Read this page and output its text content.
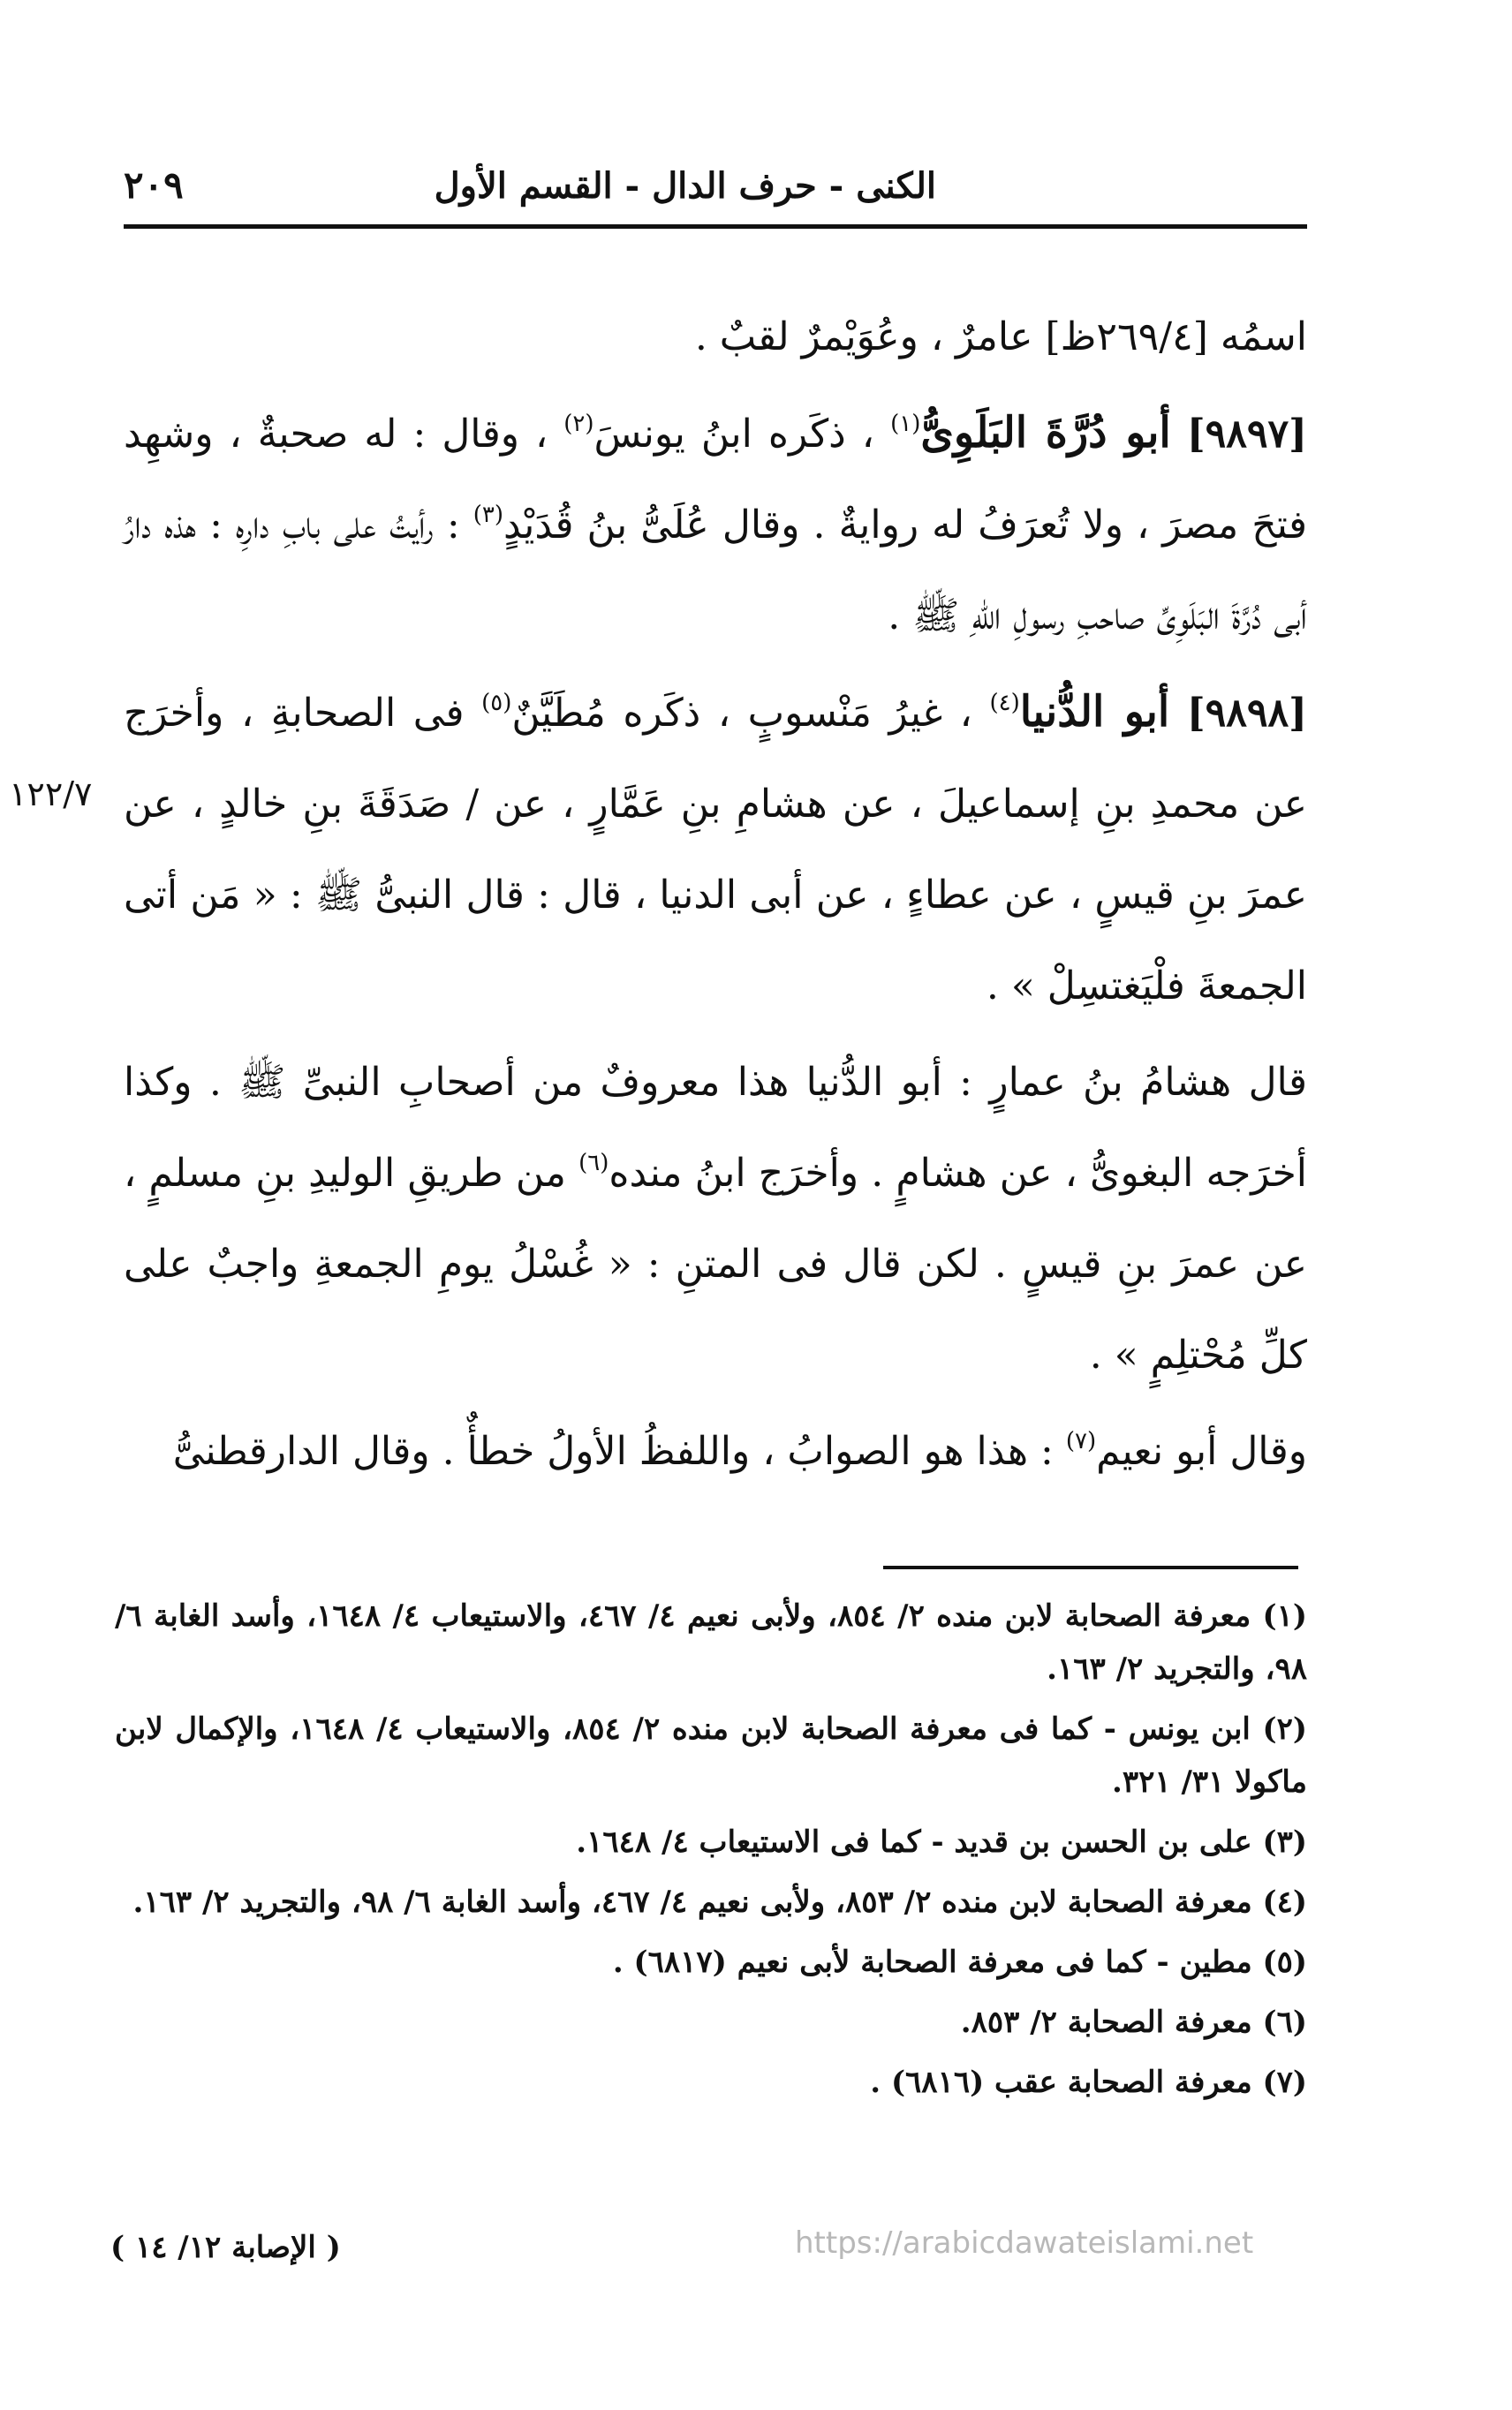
الكنى - حرف الدال - القسم الأول
٢٠٩

اسمُه [٢٦٩/٤ظ] عامرٌ ، وعُوَيْمرٌ لقبٌ .

[٩٨٩٧] أبو دُرَّةَ البَلَوِىُّ$^{(١)}$ ، ذكَره ابنُ يونسَ$^{(٢)}$ ، وقال : له صحبةٌ ، وشهِد فتحَ مصرَ ، ولا تُعرَفُ له روايةٌ . وقال عُلَىُّ بنُ قُدَيْدٍ$^{(٣)}$ : رأيتُ على بابِ دارِه : هذه دارُ أبى دُرَّةَ البَلَوِىِّ صاحبِ رسولِ اللهِ ﷺ .

[٩٨٩٨] أبو الدُّنيا$^{(٤)}$ ، غيرُ مَنْسوبٍ ، ذكَره مُطَيَّنٌ$^{(٥)}$ فى الصحابةِ ، وأخرَج عن محمدِ بنِ إسماعيلَ ، عن هشامِ بنِ عَمَّارٍ ، عن / صَدَقَةَ بنِ خالدٍ ، عن عمرَ بنِ قيسٍ ، عن عطاءٍ ، عن أبى الدنيا ، قال : قال النبىُّ ﷺ : « مَن أتى الجمعةَ فلْيَغتسِلْ » .

قال هشامُ بنُ عمارٍ : أبو الدُّنيا هذا معروفٌ من أصحابِ النبىِّ ﷺ . وكذا أخرَجه البغوىُّ ، عن هشامٍ . وأخرَج ابنُ منده$^{(٦)}$ من طريقِ الوليدِ بنِ مسلمٍ ، عن عمرَ بنِ قيسٍ . لكن قال فى المتنِ : « غُسْلُ يومِ الجمعةِ واجبٌ على كلِّ مُحْتلِمٍ » .

وقال أبو نعيم$^{(٧)}$ : هذا هو الصوابُ ، واللفظُ الأولُ خطأٌ . وقال الدارقطنىُّ

١٢٢/٧

(١) معرفة الصحابة لابن منده ٢/ ٨٥٤، ولأبى نعيم ٤/ ٤٦٧، والاستيعاب ٤/ ١٦٤٨، وأسد الغابة ٦/ ٩٨، والتجريد ٢/ ١٦٣.

(٢) ابن يونس - كما فى معرفة الصحابة لابن منده ٢/ ٨٥٤، والاستيعاب ٤/ ١٦٤٨، والإكمال لابن ماكولا ٣١/ ٣٢١.

(٣) على بن الحسن بن قديد - كما فى الاستيعاب ٤/ ١٦٤٨.

(٤) معرفة الصحابة لابن منده ٢/ ٨٥٣، ولأبى نعيم ٤/ ٤٦٧، وأسد الغابة ٦/ ٩٨، والتجريد ٢/ ١٦٣.

(٥) مطين - كما فى معرفة الصحابة لأبى نعيم (٦٨١٧) .

(٦) معرفة الصحابة ٢/ ٨٥٣.

(٧) معرفة الصحابة عقب (٦٨١٦) .

( الإصابة ١٢/ ١٤ )	https://arabicdawateislami.net
